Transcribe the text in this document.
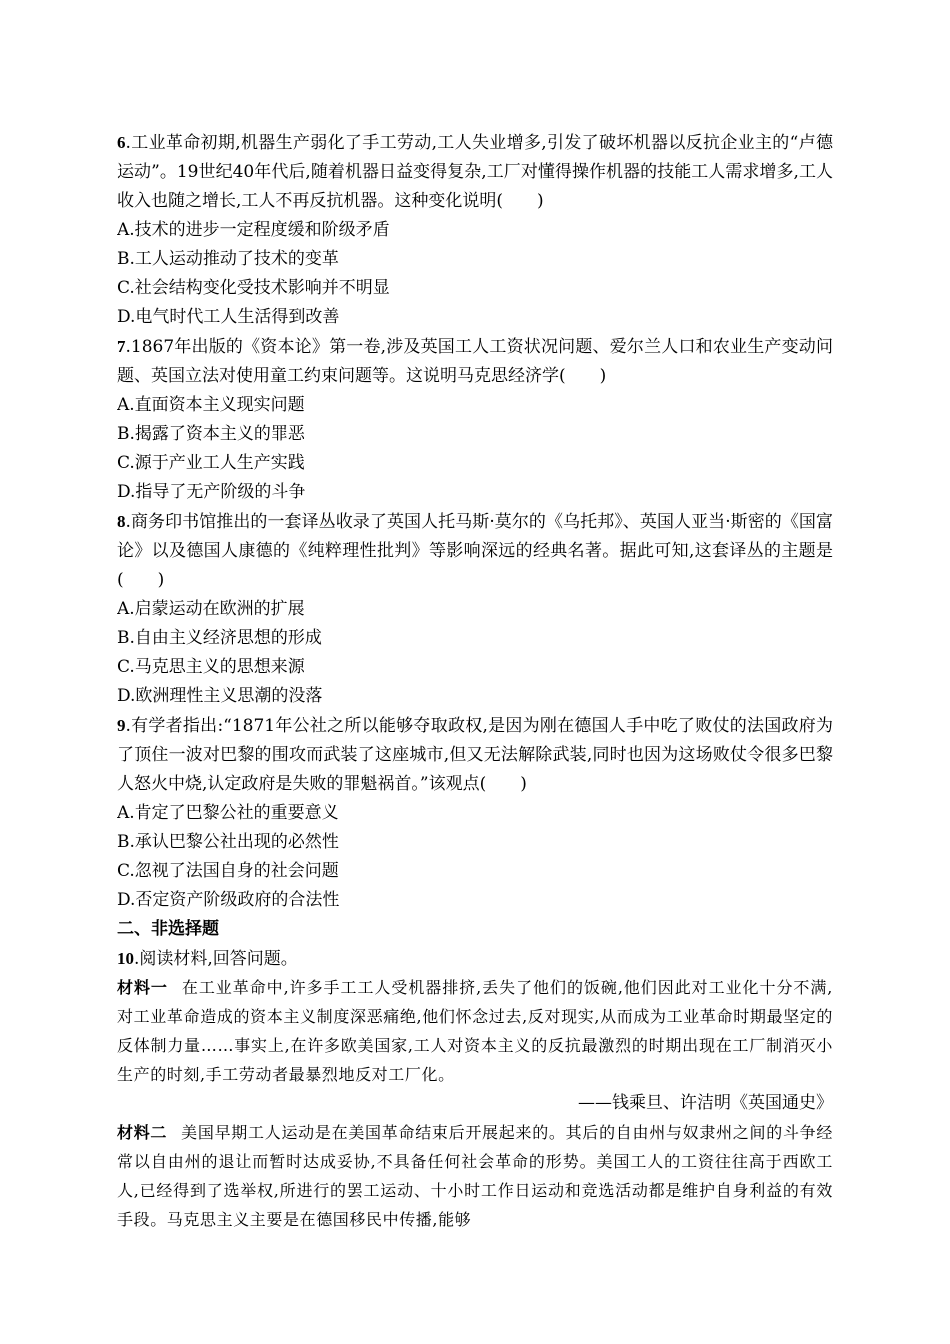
6.工业革命初期,机器生产弱化了手工劳动,工人失业增多,引发了破坏机器以反抗企业主的“卢德运动”。19世纪40年代后,随着机器日益变得复杂,工厂对懂得操作机器的技能工人需求增多,工人收入也随之增长,工人不再反抗机器。这种变化说明(　　)
A.技术的进步一定程度缓和阶级矛盾
B.工人运动推动了技术的变革
C.社会结构变化受技术影响并不明显
D.电气时代工人生活得到改善
7.1867年出版的《资本论》第一卷,涉及英国工人工资状况问题、爱尔兰人口和农业生产变动问题、英国立法对使用童工约束问题等。这说明马克思经济学(　　)
A.直面资本主义现实问题
B.揭露了资本主义的罪恶
C.源于产业工人生产实践
D.指导了无产阶级的斗争
8.商务印书馆推出的一套译丛收录了英国人托马斯·莫尔的《乌托邦》、英国人亚当·斯密的《国富论》以及德国人康德的《纯粹理性批判》等影响深远的经典名著。据此可知,这套译丛的主题是(　　)
A.启蒙运动在欧洲的扩展
B.自由主义经济思想的形成
C.马克思主义的思想来源
D.欧洲理性主义思潮的没落
9.有学者指出:“1871年公社之所以能够夺取政权,是因为刚在德国人手中吃了败仗的法国政府为了顶住一波对巴黎的围攻而武装了这座城市,但又无法解除武装,同时也因为这场败仗令很多巴黎人怒火中烧,认定政府是失败的罪魁祸首。”该观点(　　)
A.肯定了巴黎公社的重要意义
B.承认巴黎公社出现的必然性
C.忽视了法国自身的社会问题
D.否定资产阶级政府的合法性
二、非选择题
10.阅读材料,回答问题。
材料一 在工业革命中,许多手工工人受机器排挤,丢失了他们的饭碗,他们因此对工业化十分不满,对工业革命造成的资本主义制度深恶痛绝,他们怀念过去,反对现实,从而成为工业革命时期最坚定的反体制力量……事实上,在许多欧美国家,工人对资本主义的反抗最激烈的时期出现在工厂制消灭小生产的时刻,手工劳动者最暴烈地反对工厂化。
——钱乘旦、许洁明《英国通史》
材料二 美国早期工人运动是在美国革命结束后开展起来的。其后的自由州与奴隶州之间的斗争经常以自由州的退让而暂时达成妥协,不具备任何社会革命的形势。美国工人的工资往往高于西欧工人,已经得到了选举权,所进行的罢工运动、十小时工作日运动和竞选活动都是维护自身利益的有效手段。马克思主义主要是在德国移民中传播,能够
